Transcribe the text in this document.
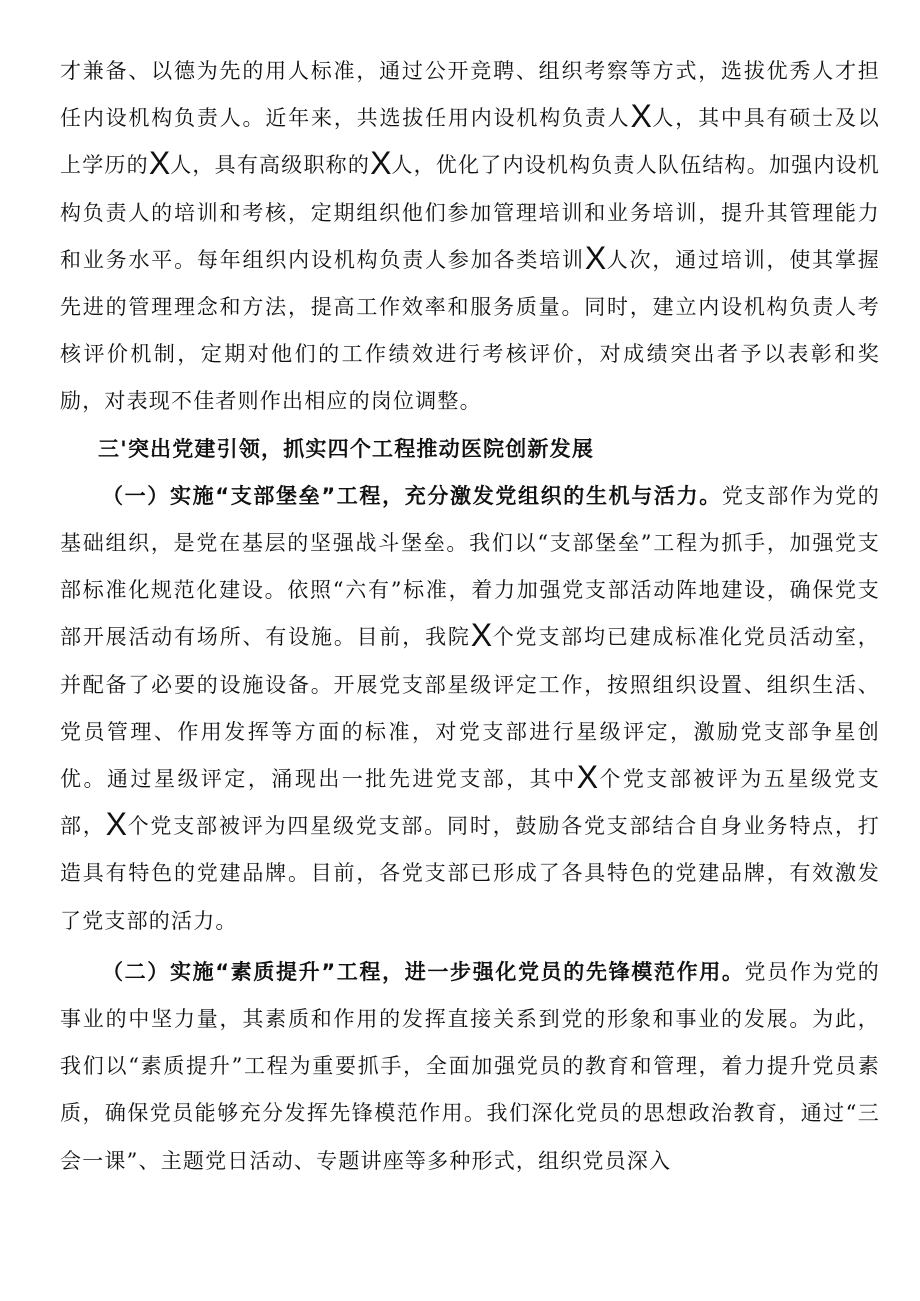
才兼备、以德为先的用人标准，通过公开竞聘、组织考察等方式，选拔优秀人才担任内设机构负责人。近年来，共选拔任用内设机构负责人X人，其中具有硕士及以上学历的X人，具有高级职称的X人，优化了内设机构负责人队伍结构。加强内设机构负责人的培训和考核，定期组织他们参加管理培训和业务培训，提升其管理能力和业务水平。每年组织内设机构负责人参加各类培训X人次，通过培训，使其掌握先进的管理理念和方法，提高工作效率和服务质量。同时，建立内设机构负责人考核评价机制，定期对他们的工作绩效进行考核评价，对成绩突出者予以表彰和奖励，对表现不佳者则作出相应的岗位调整。

三'突出党建引领，抓实四个工程推动医院创新发展

（一）实施“支部堡垒”工程，充分激发党组织的生机与活力。党支部作为党的基础组织，是党在基层的坚强战斗堡垒。我们以“支部堡垒”工程为抓手，加强党支部标准化规范化建设。依照“六有”标准，着力加强党支部活动阵地建设，确保党支部开展活动有场所、有设施。目前，我院X个党支部均已建成标准化党员活动室，并配备了必要的设施设备。开展党支部星级评定工作，按照组织设置、组织生活、党员管理、作用发挥等方面的标准，对党支部进行星级评定，激励党支部争星创优。通过星级评定，涌现出一批先进党支部，其中X个党支部被评为五星级党支部，X个党支部被评为四星级党支部。同时，鼓励各党支部结合自身业务特点，打造具有特色的党建品牌。目前，各党支部已形成了各具特色的党建品牌，有效激发了党支部的活力。

（二）实施“素质提升”工程，进一步强化党员的先锋模范作用。党员作为党的事业的中坚力量，其素质和作用的发挥直接关系到党的形象和事业的发展。为此，我们以“素质提升”工程为重要抓手，全面加强党员的教育和管理，着力提升党员素质，确保党员能够充分发挥先锋模范作用。我们深化党员的思想政治教育，通过“三会一课”、主题党日活动、专题讲座等多种形式，组织党员深入
